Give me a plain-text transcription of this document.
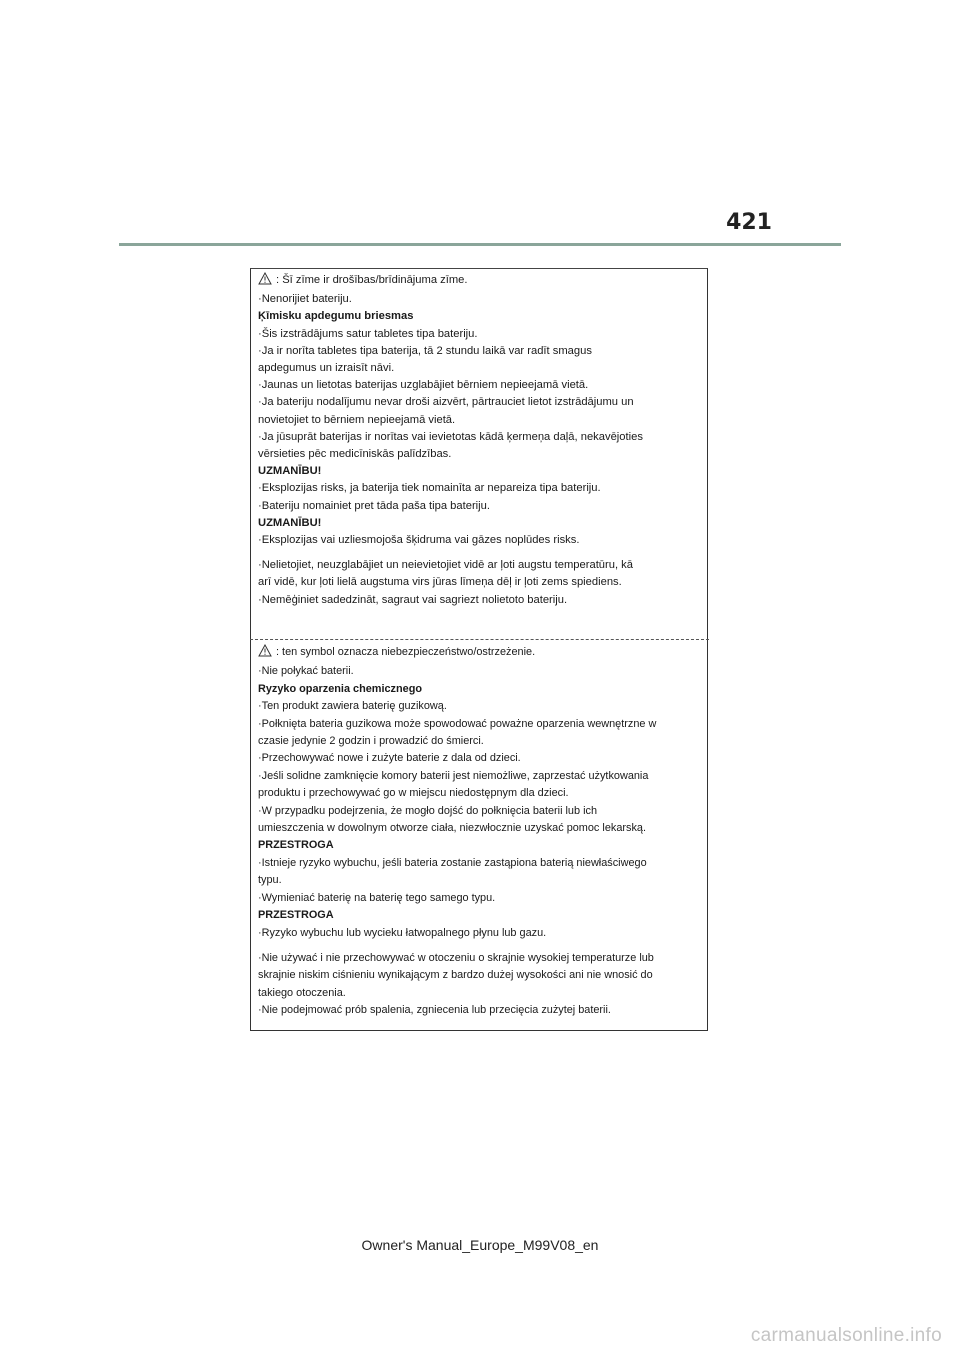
421
: Šī zīme ir drošības/brīdinājuma zīme.
·Nenorijiet bateriju.
Ķīmisku apdegumu briesmas
·Šis izstrādājums satur tabletes tipa bateriju.
·Ja ir norīta tabletes tipa baterija, tā 2 stundu laikā var radīt smagus
apdegumus un izraisīt nāvi.
·Jaunas un lietotas baterijas uzglabājiet bērniem nepieejamā vietā.
·Ja bateriju nodalījumu nevar droši aizvērt, pārtrauciet lietot izstrādājumu un
novietojiet to bērniem nepieejamā vietā.
·Ja jūsuprāt baterijas ir norītas vai ievietotas kādā ķermeņa daļā, nekavējoties
vērsieties pēc medicīniskās palīdzības.
UZMANĪBU!
·Eksplozijas risks, ja baterija tiek nomainīta ar nepareiza tipa bateriju.
·Bateriju nomainiet pret tāda paša tipa bateriju.
UZMANĪBU!
·Eksplozijas vai uzliesmojoša šķidruma vai gāzes noplūdes risks.
·Nelietojiet, neuzglabājiet un neievietojiet vidē ar ļoti augstu temperatūru, kā
arī vidē, kur ļoti lielā augstuma virs jūras līmeņa dēļ ir ļoti zems spiediens.
·Nemēģiniet sadedzināt, sagraut vai sagriezt nolietoto bateriju.
: ten symbol oznacza niebezpieczeństwo/ostrzeżenie.
·Nie połykać baterii.
Ryzyko oparzenia chemicznego
·Ten produkt zawiera baterię guzikową.
·Połknięta bateria guzikowa może spowodować poważne oparzenia wewnętrzne w
czasie jedynie 2 godzin i prowadzić do śmierci.
·Przechowywać nowe i zużyte baterie z dala od dzieci.
·Jeśli solidne zamknięcie komory baterii jest niemożliwe, zaprzestać użytkowania
produktu i przechowywać go w miejscu niedostępnym dla dzieci.
·W przypadku podejrzenia, że mogło dojść do połknięcia baterii lub ich
umieszczenia w dowolnym otworze ciała, niezwłocznie uzyskać pomoc lekarską.
PRZESTROGA
·Istnieje ryzyko wybuchu, jeśli bateria zostanie zastąpiona baterią niewłaściwego
typu.
·Wymieniać baterię na baterię tego samego typu.
PRZESTROGA
·Ryzyko wybuchu lub wycieku łatwopalnego płynu lub gazu.
·Nie używać i nie przechowywać w otoczeniu o skrajnie wysokiej temperaturze lub
skrajnie niskim ciśnieniu wynikającym z bardzo dużej wysokości ani nie wnosić do
takiego otoczenia.
·Nie podejmować prób spalenia, zgniecenia lub przecięcia zużytej baterii.
Owner's Manual_Europe_M99V08_en
carmanualsonline.info
